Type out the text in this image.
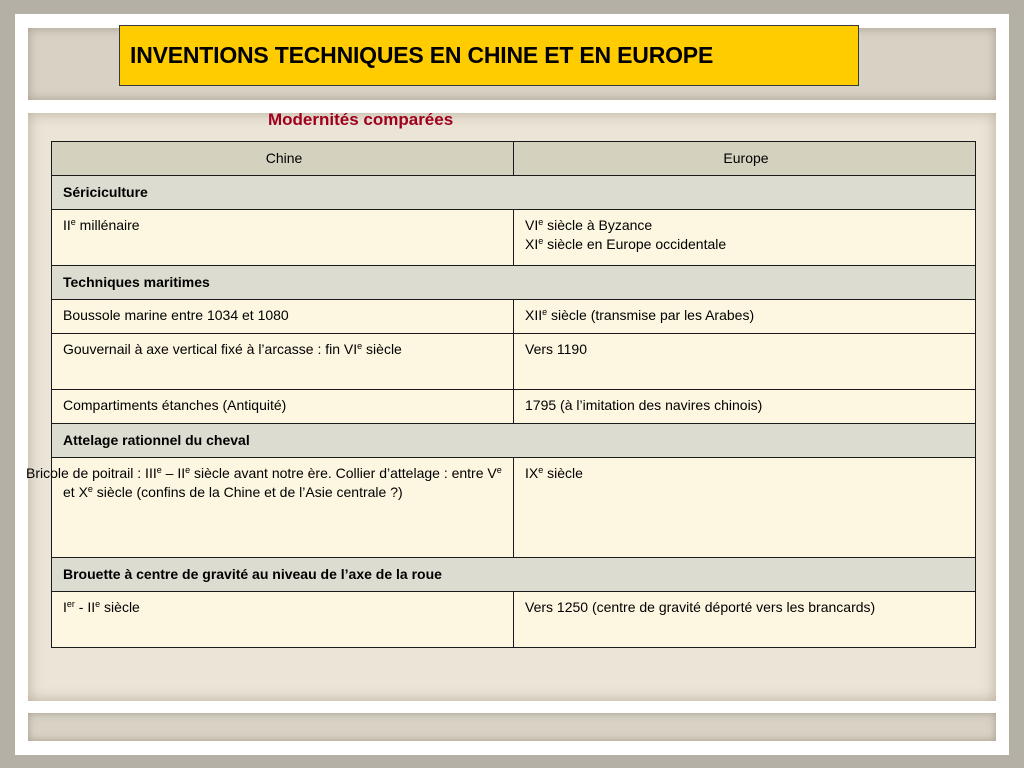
INVENTIONS TECHNIQUES EN CHINE ET EN EUROPE
Modernités comparées
Chine	Europe
Sériciculture	
IIe millénaire	VIe siècle à Byzance
XIe siècle en Europe occidentale
Techniques maritimes	
Boussole marine entre 1034 et 1080	XIIe siècle (transmise par les Arabes)
Gouvernail à axe vertical fixé à l’arcasse : fin VIe siècle	Vers 1190
Compartiments étanches (Antiquité)	1795 (à l’imitation des navires chinois)
Attelage rationnel du cheval	
Bricole de poitrail : IIIe – IIe siècle avant notre ère. Collier d’attelage : entre Ve et Xe siècle (confins de la Chine et de l’Asie centrale ?)	IXe siècle
Brouette à centre de gravité au niveau de l’axe de la roue	
Ier - IIe siècle	Vers 1250 (centre de gravité déporté vers les brancards)
